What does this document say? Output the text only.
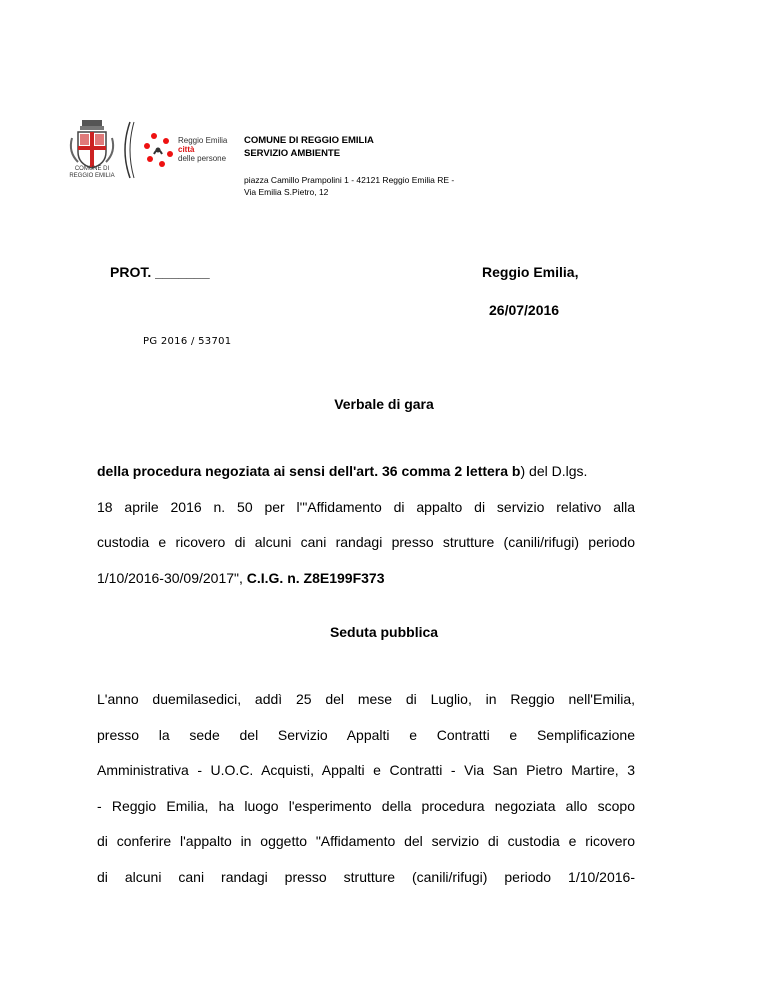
COMUNE DI
REGGIO EMILIA
Reggio Emilia
città
delle persone
COMUNE DI REGGIO EMILIA
SERVIZIO AMBIENTE
piazza Camillo Prampolini 1 - 42121 Reggio Emilia RE -
Via Emilia S.Pietro, 12
PROT. _______	Reggio Emilia,
26/07/2016
PG 2016 / 53701
Verbale di gara
della procedura negoziata ai sensi dell'art. 36 comma 2 lettera b) del D.lgs.
18 aprile 2016 n. 50 per l'"Affidamento di appalto di servizio relativo alla
custodia e ricovero di alcuni cani randagi presso strutture (canili/rifugi) periodo
1/10/2016-30/09/2017", C.I.G. n. Z8E199F373
Seduta pubblica
L'anno duemilasedici, addì 25 del mese di Luglio, in Reggio nell'Emilia,
presso la sede del Servizio Appalti e Contratti e Semplificazione
Amministrativa - U.O.C. Acquisti, Appalti e Contratti - Via San Pietro Martire, 3
- Reggio Emilia, ha luogo l'esperimento della procedura negoziata allo scopo
di conferire l'appalto in oggetto "Affidamento del servizio di custodia e ricovero
di alcuni cani randagi presso strutture (canili/rifugi) periodo 1/10/2016-
